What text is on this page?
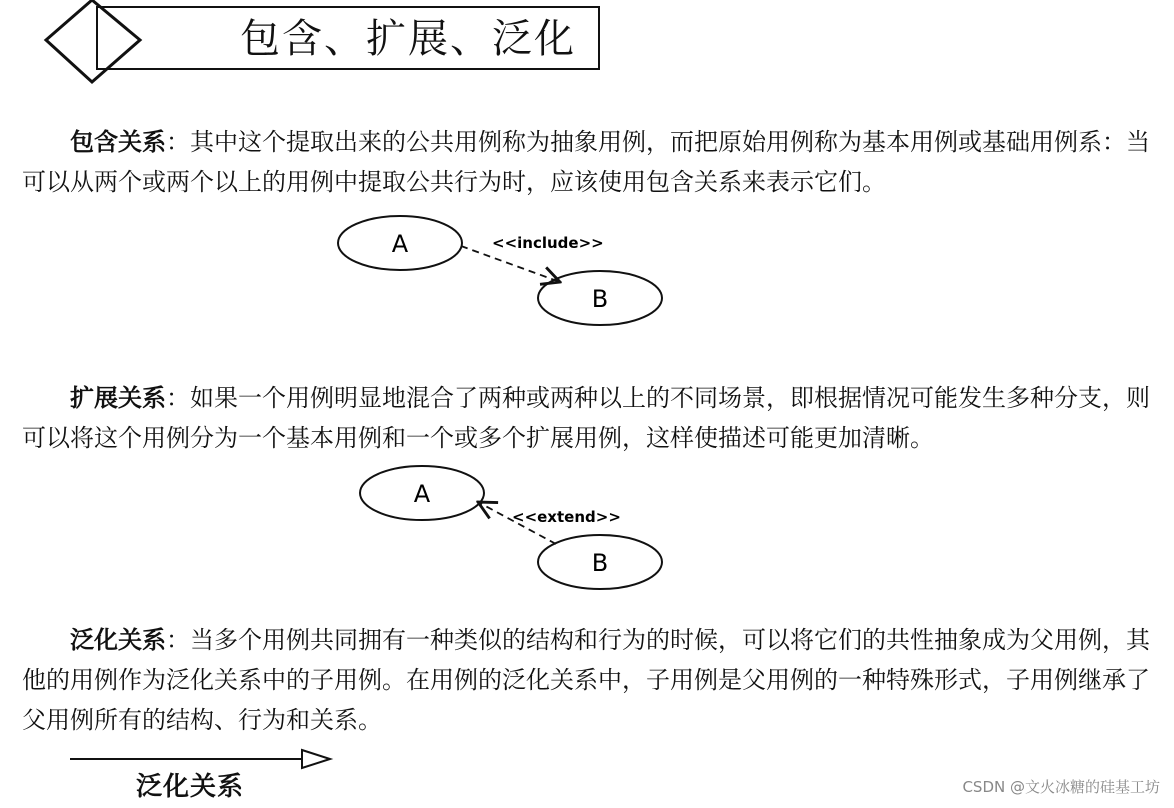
包含、扩展、泛化

包含关系：其中这个提取出来的公共用例称为抽象用例，而把原始用例称为基本用例或基础用例系：当可以从两个或两个以上的用例中提取公共行为时，应该使用包含关系来表示它们。

A
B
<<include>>

扩展关系：如果一个用例明显地混合了两种或两种以上的不同场景，即根据情况可能发生多种分支，则可以将这个用例分为一个基本用例和一个或多个扩展用例，这样使描述可能更加清晰。

A
B
<<extend>>

泛化关系：当多个用例共同拥有一种类似的结构和行为的时候，可以将它们的共性抽象成为父用例，其他的用例作为泛化关系中的子用例。在用例的泛化关系中，子用例是父用例的一种特殊形式，子用例继承了父用例所有的结构、行为和关系。

泛化关系	CSDN @文火冰糖的硅基工坊
